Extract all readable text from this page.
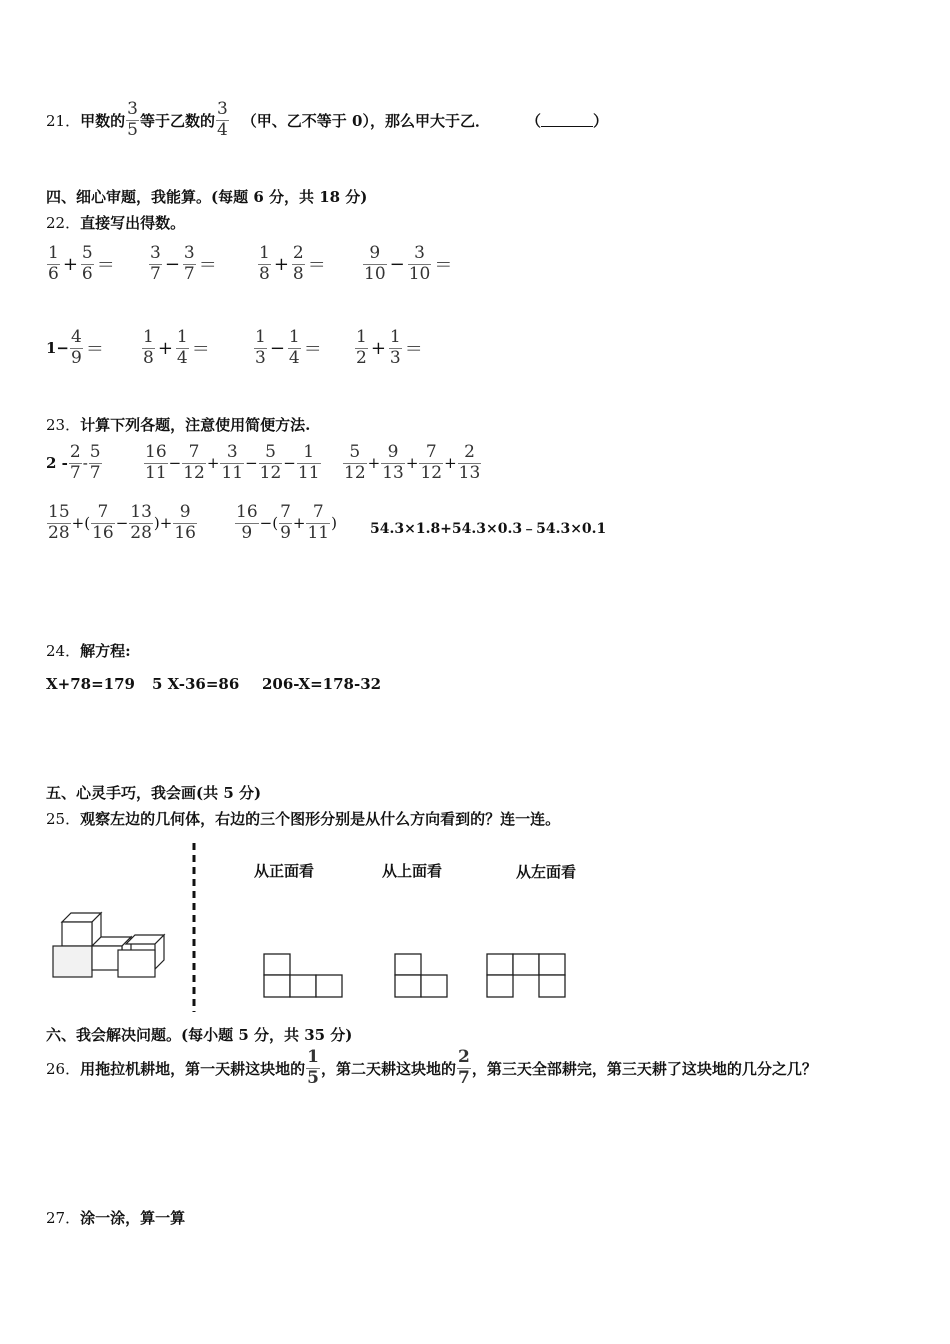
21． 甲数的 $\frac{3}{5}$ 等于乙数的 $\frac{3}{4}$ （甲、乙不等于 0），那么甲大于乙． （	）
四、细心审题，我能算。(每题 6 分，共 18 分)
22．直接写出得数。
$\frac{1}{6} + \frac{5}{6} = \frac{3}{7} - \frac{3}{7} = \frac{1}{8} + \frac{2}{8} = \frac{9}{10} - \frac{3}{10}$ ＝
$1- \frac{4}{9} = \frac{1}{8} + \frac{1}{4}$ ＝	$\frac{1}{3} - \frac{1}{4} = \frac{1}{2} + \frac{1}{3}$ ＝
23．计算下列各题，注意使用简便方法.
$2 - \frac{2}{7} - \frac{5}{7} \frac{16}{11} - \frac{7}{12} + \frac{3}{11} - \frac{5}{12} - \frac{1}{11} \frac{5}{12} + \frac{9}{13} + \frac{7}{12} + \frac{2}{13}$
$\frac{15}{28}$ +( $\frac{7}{16} - \frac{13}{28}$ )+ $\frac{9}{16} \frac{16}{9}$ −( $\frac{7}{9} + \frac{7}{11}$ ) 54.3×1.8+54.3×0.3﹣54.3×0.1
24．解方程:
X+78=179 5 X-36=86 206-X=178-32
五、心灵手巧，我会画(共 5 分)
25．观察左边的几何体，右边的三个图形分别是从什么方向看到的？连一连。
从正面看	从上面看	从左面看
六、我会解决问题。(每小题 5 分，共 35 分)
26． 用拖拉机耕地，第一天耕这块地的 $\frac{1}{5}$ ，第二天耕这块地的 $\frac{2}{7}$ ，第三天全部耕完，第三天耕了这块地的几分之几？
27．涂一涂，算一算
